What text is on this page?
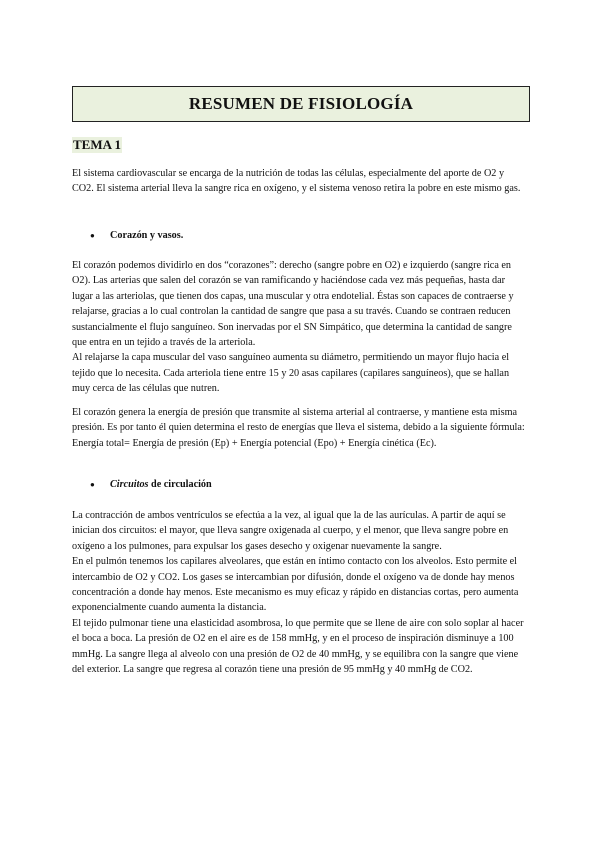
RESUMEN DE FISIOLOGÍA
TEMA 1

El sistema cardiovascular se encarga de la nutrición de todas las células, especialmente del aporte de O2 y CO2. El sistema arterial lleva la sangre rica en oxígeno, y el sistema venoso retira la pobre en este mismo gas.

●	Corazón y vasos.

El corazón podemos dividirlo en dos “corazones”: derecho (sangre pobre en O2) e izquierdo (sangre rica en O2). Las arterias que salen del corazón se van ramificando y haciéndose cada vez más pequeñas, hasta dar lugar a las arteriolas, que tienen dos capas, una muscular y otra endotelial. Éstas son capaces de contraerse y relajarse, gracias a lo cual controlan la cantidad de sangre que pasa a su través. Cuando se contraen reducen sustancialmente el flujo sanguíneo. Son inervadas por el SN Simpático, que determina la cantidad de sangre que entra en un tejido a través de la arteriola.

Al relajarse la capa muscular del vaso sanguíneo aumenta su diámetro, permitiendo un mayor flujo hacia el tejido que lo necesita. Cada arteriola tiene entre 15 y 20 asas capilares (capilares sanguíneos), que se hallan muy cerca de las células que nutren.

El corazón genera la energía de presión que transmite al sistema arterial al contraerse, y mantiene esta misma presión. Es por tanto él quien determina el resto de energías que lleva el sistema, debido a la siguiente fórmula: Energía total= Energía de presión (Ep) + Energía potencial (Epo) + Energía cinética (Ec).

●	Circuitos de circulación

La contracción de ambos ventrículos se efectúa a la vez, al igual que la de las aurículas. A partir de aquí se inician dos circuitos: el mayor, que lleva sangre oxigenada al cuerpo, y el menor, que lleva sangre pobre en oxígeno a los pulmones, para expulsar los gases desecho y oxigenar nuevamente la sangre.

En el pulmón tenemos los capilares alveolares, que están en íntimo contacto con los alveolos. Esto permite el intercambio de O2 y CO2. Los gases se intercambian por difusión, donde el oxígeno va de donde hay menos concentración a donde hay menos. Este mecanismo es muy eficaz y rápido en distancias cortas, pero aumenta exponencialmente cuando aumenta la distancia.

El tejido pulmonar tiene una elasticidad asombrosa, lo que permite que se llene de aire con solo soplar al hacer el boca a boca. La presión de O2 en el aire es de 158 mmHg, y en el proceso de inspiración disminuye a 100 mmHg. La sangre llega al alveolo con una presión de O2 de 40 mmHg, y se equilibra con la sangre que viene del exterior. La sangre que regresa al corazón tiene una presión de 95 mmHg y 40 mmHg de CO2.
